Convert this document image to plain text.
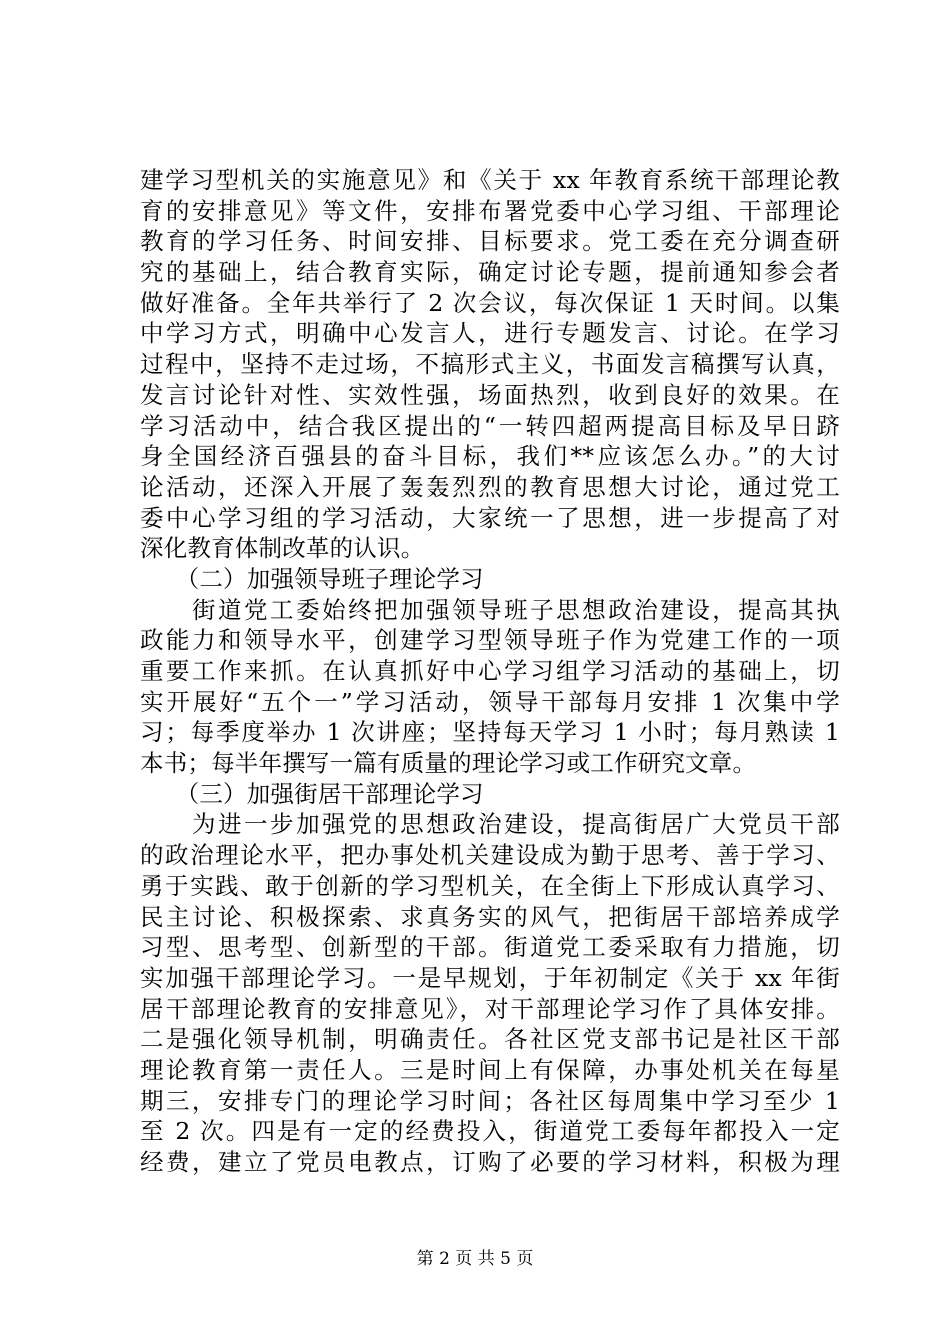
建学习型机关的实施意见》和《关于 xx 年教育系统干部理论教
育的安排意见》等文件，安排布署党委中心学习组、干部理论
教育的学习任务、时间安排、目标要求。党工委在充分调查研
究的基础上，结合教育实际，确定讨论专题，提前通知参会者
做好准备。全年共举行了 2 次会议，每次保证 1 天时间。以集
中学习方式，明确中心发言人，进行专题发言、讨论。在学习
过程中，坚持不走过场，不搞形式主义，书面发言稿撰写认真，
发言讨论针对性、实效性强，场面热烈，收到良好的效果。在
学习活动中，结合我区提出的“一转四超两提高目标及早日跻
身全国经济百强县的奋斗目标，我们**应该怎么办。”的大讨
论活动，还深入开展了轰轰烈烈的教育思想大讨论，通过党工
委中心学习组的学习活动，大家统一了思想，进一步提高了对
深化教育体制改革的认识。
　　（二）加强领导班子理论学习
　　街道党工委始终把加强领导班子思想政治建设，提高其执
政能力和领导水平，创建学习型领导班子作为党建工作的一项
重要工作来抓。在认真抓好中心学习组学习活动的基础上，切
实开展好“五个一”学习活动，领导干部每月安排 1 次集中学
习；每季度举办 1 次讲座；坚持每天学习 1 小时；每月熟读 1
本书；每半年撰写一篇有质量的理论学习或工作研究文章。
　　（三）加强街居干部理论学习
　　为进一步加强党的思想政治建设，提高街居广大党员干部
的政治理论水平，把办事处机关建设成为勤于思考、善于学习、
勇于实践、敢于创新的学习型机关，在全街上下形成认真学习、
民主讨论、积极探索、求真务实的风气，把街居干部培养成学
习型、思考型、创新型的干部。街道党工委采取有力措施，切
实加强干部理论学习。一是早规划，于年初制定《关于 xx 年街
居干部理论教育的安排意见》，对干部理论学习作了具体安排。
二是强化领导机制，明确责任。各社区党支部书记是社区干部
理论教育第一责任人。三是时间上有保障，办事处机关在每星
期三，安排专门的理论学习时间；各社区每周集中学习至少 1
至 2 次。四是有一定的经费投入，街道党工委每年都投入一定
经费，建立了党员电教点，订购了必要的学习材料，积极为理
第 2 页 共 5 页
